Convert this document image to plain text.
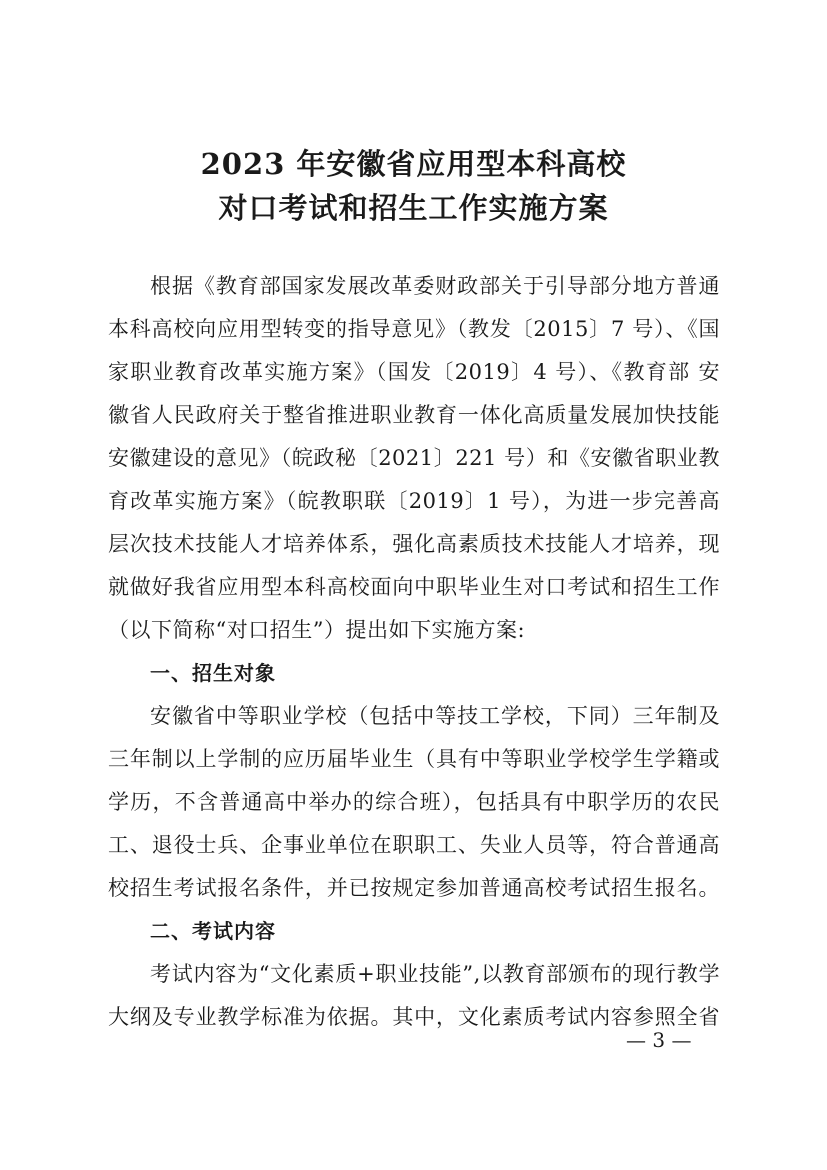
2023 年安徽省应用型本科高校
对口考试和招生工作实施方案
根据《教育部国家发展改革委财政部关于引导部分地方普通
本科高校向应用型转变的指导意见》（教发〔2015〕7 号）、《国
家职业教育改革实施方案》（国发〔2019〕4 号）、《教育部 安
徽省人民政府关于整省推进职业教育一体化高质量发展加快技能
安徽建设的意见》（皖政秘〔2021〕221 号）和《安徽省职业教
育改革实施方案》（皖教职联〔2019〕1 号），为进一步完善高
层次技术技能人才培养体系，强化高素质技术技能人才培养，现
就做好我省应用型本科高校面向中职毕业生对口考试和招生工作
（以下简称“对口招生”）提出如下实施方案:
一、招生对象
安徽省中等职业学校（包括中等技工学校，下同）三年制及
三年制以上学制的应历届毕业生（具有中等职业学校学生学籍或
学历，不含普通高中举办的综合班），包括具有中职学历的农民
工、退役士兵、企事业单位在职职工、失业人员等，符合普通高
校招生考试报名条件，并已按规定参加普通高校考试招生报名。
二、考试内容
考试内容为“文化素质+职业技能”,以教育部颁布的现行教学
大纲及专业教学标准为依据。其中，文化素质考试内容参照全省
— 3 —
